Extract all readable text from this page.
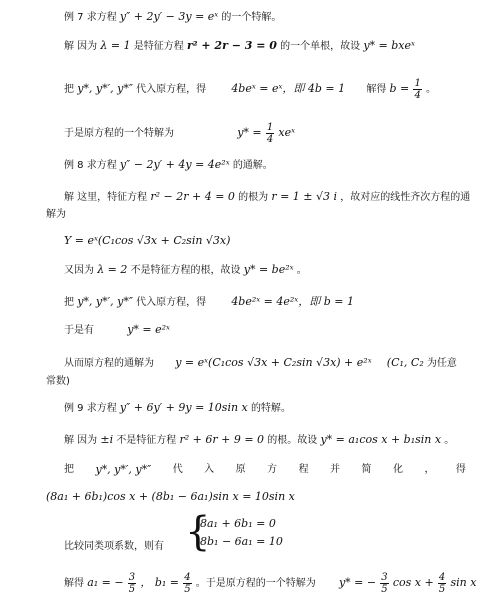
例 7 求方程 y″ + 2y′ − 3y = eˣ 的一个特解。
解 因为 λ = 1 是特征方程 r² + 2r − 3 = 0 的一个单根，故设 y* = bxeˣ
把 y*, y*′, y*″ 代入原方程，得 4beˣ = eˣ，即 4b = 1 解得 $b = \frac{1}{4}$ 。
于是原方程的一个特解为	$y* = \frac{1}{4}$ xeˣ
例 8 求方程 y″ − 2y′ + 4y = 4e²ˣ 的通解。
解 这里，特征方程 r² − 2r + 4 = 0 的根为 r = 1 ± √3 i ，故对应的线性齐次方程的通
解为
Y = eˣ(C₁cos √3x + C₂sin √3x)
又因为 λ = 2 不是特征方程的根，故设 y* = be²ˣ 。
把 y*, y*′, y*″ 代入原方程，得 4be²ˣ = 4e²ˣ，即 b = 1
于是有	y* = e²ˣ
从而原方程的通解为 y = eˣ(C₁cos √3x + C₂sin √3x) + e²ˣ (C₁, C₂ 为任意
常数)
例 9 求方程 y″ + 6y′ + 9y = 10sin x 的特解。
解 因为 ±i 不是特征方程 r² + 6r + 9 = 0 的根。故设 y* = a₁cos x + b₁sin x 。
把 y*, y*′, y*″ 代 入 原 方 程 并 简 化 ， 得
(8a₁ + 6b₁)cos x + (8b₁ − 6a₁)sin x = 10sin x
比较同类项系数，则有 {
8a₁ + 6b₁ = 0
8b₁ − 6a₁ = 10
解得 a₁ = − $\frac{3}{5}$ ， $b_1 = \frac{4}{5}$ 。于是原方程的一个特解为 y* = − $\frac{3}{5}$ $\cos x + \frac{4}{5}$ sin x
